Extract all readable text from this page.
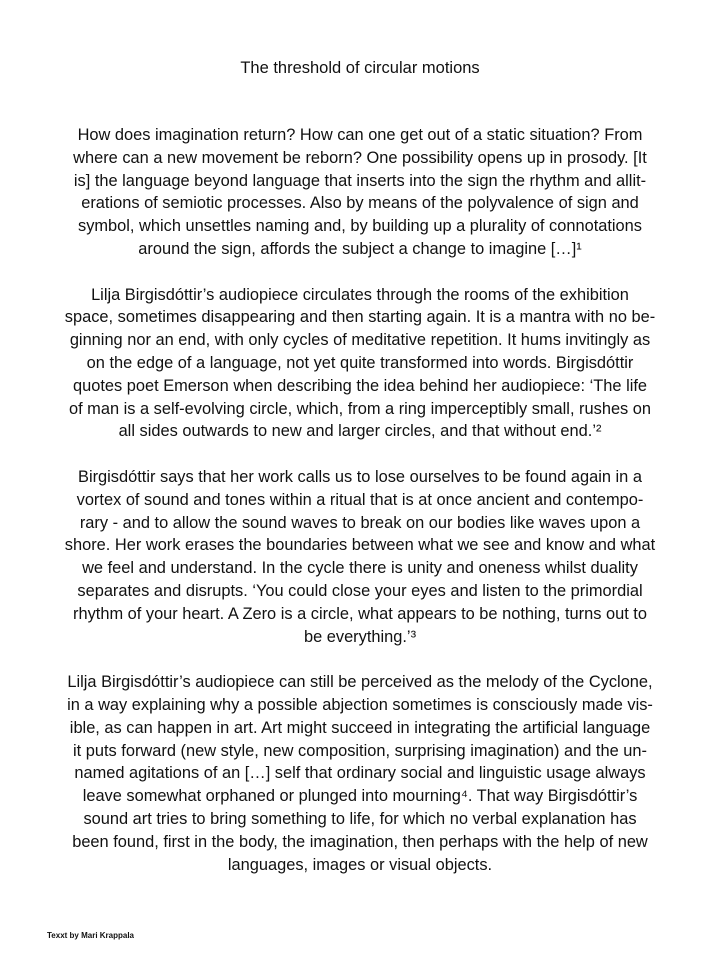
The threshold of circular motions

How does imagination return? How can one get out of a static situation? From
where can a new movement be reborn? One possibility opens up in prosody. [It
is] the language beyond language that inserts into the sign the rhythm and allit-
erations of semiotic processes. Also by means of the polyvalence of sign and
symbol, which unsettles naming and, by building up a plurality of connotations
around the sign, affords the subject a change to imagine […]¹

Lilja Birgisdóttir’s audiopiece circulates through the rooms of the exhibition
space, sometimes disappearing and then starting again. It is a mantra with no be-
ginning nor an end, with only cycles of meditative repetition. It hums invitingly as
on the edge of a language, not yet quite transformed into words. Birgisdóttir
quotes poet Emerson when describing the idea behind her audiopiece: ‘The life
of man is a self-evolving circle, which, from a ring imperceptibly small, rushes on
all sides outwards to new and larger circles, and that without end.’²

Birgisdóttir says that her work calls us to lose ourselves to be found again in a
vortex of sound and tones within a ritual that is at once ancient and contempo-
rary - and to allow the sound waves to break on our bodies like waves upon a
shore. Her work erases the boundaries between what we see and know and what
we feel and understand. In the cycle there is unity and oneness whilst duality
separates and disrupts. ‘You could close your eyes and listen to the primordial
rhythm of your heart. A Zero is a circle, what appears to be nothing, turns out to
be everything.’³

Lilja Birgisdóttir’s audiopiece can still be perceived as the melody of the Cyclone,
in a way explaining why a possible abjection sometimes is consciously made vis-
ible, as can happen in art. Art might succeed in integrating the artificial language
it puts forward (new style, new composition, surprising imagination) and the un-
named agitations of an […] self that ordinary social and linguistic usage always
leave somewhat orphaned or plunged into mourning⁴. That way Birgisdóttir’s
sound art tries to bring something to life, for which no verbal explanation has
been found, first in the body, the imagination, then perhaps with the help of new
languages, images or visual objects.

Texxt by Mari Krappala
